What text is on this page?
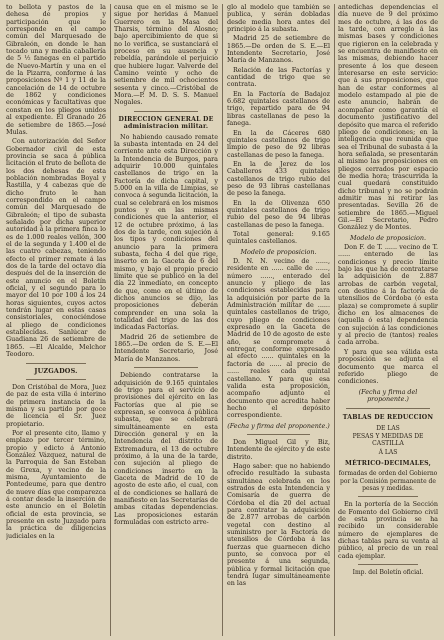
to bellota y pastos de la dehesa de propios y participación que le corresponde en el campo común del Marquesado de Gibraleón, en donde le han tocado una y media caballería de 5 ½ fanegas en el partido de Nuevo-Martín y una en el de la Pizarra, conforme á las proposiciones Nº 1 y 11 de la cancelación de 14 de octubre de 1862 y condiciones económicas y facultativas que constan en los pliegos unidos al expediente. El Granado 26 de setiembre de 1865.—José Mulas.

Con autorización del Señor Gobernador civil de esta provincia se saca á pública licitación el fruto de bellota de los dos dehesas de esta población nombradas Boyal y Rastilla, y 4 cabezas que de dicho fruto le han correspondido en el campo común del Marquesado de Gibraleón; el tipo de subasta señalado por dicha superior autoridad á la primera finca lo es de 1.000 reales vellón, 300 el de la segunda y 1.400 el de las cuatro cabezas, teniendo efecto el primer remate á las dos de la tarde del octavo día después del de la inserción de este anuncio en el Boletín oficial, y el segundo para lo mayor del 10 por 100 á los 24 horas siguientes, cuyos actos tendrán lugar en estas casas consistoriales, conociéndose al pliego de condiciones establecidas. Sanlúcar de Guadiana 26 de setiembre de 1865. —El Alcalde, Melchor Teodoro.

JUZGADOS.

Don Cristóbal de Mora, Juez de paz de esta villa é interino de primera instancia de la misma y su partido por goce de licencia el Sr. Juez propietario.

Por el presente cito, llamo y emplazo por tercer término, propio y edicto á Antonio González Vázquez, natural de la Parroquia de San Esteban de Grexa, y vecino de la misma, Ayuntamiento de Pontedeume, para que dentro de nueve días que comparezca á contar desde la inserción de este anuncio en el Boletín oficial de esta provincia, se presente en este Juzgado para la práctica de diligencias judiciales en la

causa que en el mismo se le sigue por heridas á Manuel Guerrero en la Masa del Tharsis, término del Alosno; bajo apercibimiento de que si no lo verifica, se sustanciará el proceso en su ausencia y rebeldía, parándole el perjuicio que hubiere lugar. Valverde del Camino veinte y ocho de setiembre de mil ochocientos sesenta y cinco.—Cristóbal de Mora.—P. M. D. S. S. Manuel Nogales.

DIRECCION GENERAL DE administracion militar.

No habiendo causado remate la subasta intentada en 24 del corriente ante esta Dirección y la Intendencia de Burgos, para adquirir 10.000 quintales castellanos de trigo en la Factoría de dicha capital, y 5.000 en la villa de Limpias, se convoca á segunda licitación, la cual se celebrará en los mismos puntos y en las mismas condiciones que la anterior, el 12 de octubre próximo, á las dos de la tarde, con sujeción á los tipos y condiciones del anuncio para la primera subasta, fecha 4 del que rige, inserto en la Gaceta de 6 del mismo, y bajo el propio precio límite que se publicó en la del día 22 inmediato, en concepto de que, como en el último de dichos anuncios se dijo, las proposiciones deberán comprender en una sola la totalidad del trigo de las dos indicadas Factorías.

Madrid 26 de setiembre de 1865.—De orden de S. E.—El Intendente Secretario, José María de Manzanos.

Debiendo contratarse la adquisición de 9.165 quintales de trigo para el servicio de provisiones del ejército en las Factorías que al pie se expresan, se convoca á pública subasta, que se celebrará simultáneamente en esta Dirección general y en la Intendencia del distrito de Extremadura, el 13 de octubre próximo, á la una de la tarde, con sujeción al pliego de condiciones inserto en la Gaceta de Madrid de 10 de agosto de este año, el cual, con el de condiciones se hallará de manifiesto en las Secretarías de ambas citadas dependencias. Las proposiciones estarán formuladas con estricto arre-

glo al modelo que también se publica, y serán dobladas desde media hora antes del principio á la subasta.

Madrid 25 de setiembre de 1865.—De orden de S. E.—El Intendente Secretario, José María de Manzanos.

Relación de las Factorías y cantidad de trigo que se contrata.

En la Factoría de Badajoz 6.682 quintales castellanos de trigo, repartido para de 94 libras castellanas de peso la fanega.

En la de Cáceres 680 quintales castellanos de trigo limpio de peso de 92 libras castellanas de peso la fanega.

En la de Jerez de los Caballeros 433 quintales castellanos de trigo rubio del peso de 93 libras castellanas de peso la fanega.

En la de Olivenza 650 quintales castellanos de trigo rubio del peso de 94 libras castellanas de peso la fanega.

Total general: 9.165 quintales castellanos.

Modelo de proposicion.

D. N. N. vecino de ......, residente en ...... calle de ......, número ......, enterado del anuncio y pliego de las condiciones establecidas para la adquisición por parte de la Administración militar de ...... quintales castellanos de trigo, cuyo pliego de condiciones expresado en la Gaceta de Madrid de 10 de agosto de este año, se compromete á entregar, conforme expresado al efecto ...... quintales en la factoría de ...... al precio de ...... reales cada quintal castellano. Y para que esa valida esta proposición, acompaño adjunto el documento que acredita haber hecho el depósito correspondiente.

(Fecha y firma del proponente.)

Don Miguel Gil y Biz, Intendente de ejército y de este distrito.

Hago saber: que no habiendo ofrecido resultado la subasta simultánea celebrada en los estrados de esta Intendencia y Comisaría de guerra de Córdoba el día 20 del actual para contratar la adquisición de 2.877 arrobas de carbón vegetal con destino al suministro por la Factoría de utensilios de Córdoba á las fuerzas que guarnecen dicho punto, se convoca por el presente á una segunda, pública y formal licitación que tendrá lugar simultáneamente en las

antedichas dependencias el día nueve de 9 del próximo mes de octubre, á las dos de la tarde, con arreglo á las mismas bases y condiciones que rigieron en la celebrada y se encuentra de manifiesto en las mismas, debiendo hacer presente á los que deseen interesarse en este servicio: que á sus proposiciones, que han de estar conformes al modelo estampado al pie de este anuncio, habrán de acompañar como garantía el documento justificativo del depósito que marca el referido pliego de condiciones; en la inteligencia que reunida que sea el Tribunal de subasta á la hora señalada, se presentarán al mismo las proposiciones en pliegos cerrados por espacio de media hora; trascurrida la cual quedará constituido dicho tribunal y no se podrán admitir mas ni retirar las presentadas. Sevilla 26 de setiembre de 1865.—Miguel Gil.—El Secretario, Pedro González y de Montes.

Modelo de proposicion.

Don F. de T. ...... vecino de T. ...... enterado de las condiciones y precio límite bajo las que ha de contratarse la adquisición de 2.887 arrobas de carbón vegetal, con destino á la factoría de utensilios de Córdoba (ó esta plaza) se compromete á suplir dicho en los almacenes de (aquella ó esta) dependencia con sujeción á las condiciones y al precio de (tantos) reales cada arroba.

Y para que sea válida esta proposición se adjunta el documento que marca el referido pliego de condiciones.

(Fecha y firma del proponente.)

TABLAS DE REDUCCION

DE LAS

PESAS Y MEDIDAS DE CASTILLA

Á LAS

MÉTRICO-DECIMALES,

formadas de orden del Gobierno por la Comisión permanente de pesas y medidas.

En la portería de la Sección de Fomento del Gobierno civil de esta provincia se ha recibido un considerable número de ejemplares de dichas tablas para su venta al público, al precio de un real cada ejemplar.

Imp. del Boletín oficial.
